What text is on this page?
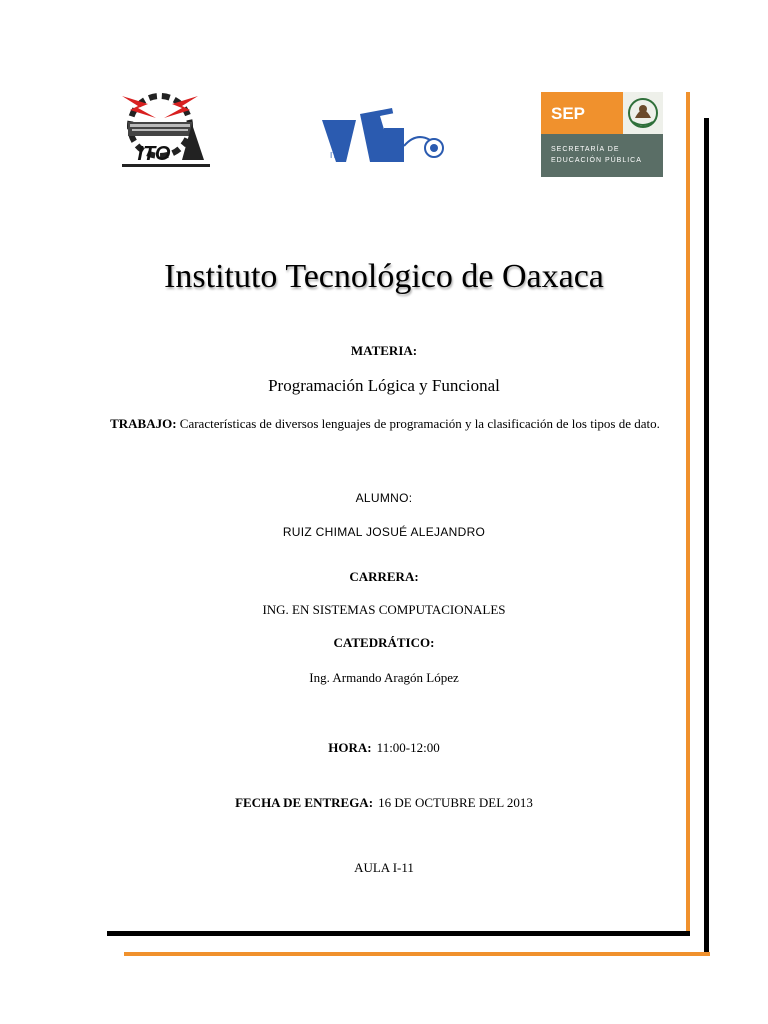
ITO	IT
SEP
SECRETARÍA DE
EDUCACIÓN PÚBLICA
Instituto Tecnológico de Oaxaca
MATERIA:
Programación Lógica y Funcional
TRABAJO: Características de diversos lenguajes de programación y la clasificación de los tipos de dato.
ALUMNO:
RUIZ CHIMAL JOSUÉ ALEJANDRO
CARRERA:
ING. EN SISTEMAS COMPUTACIONALES
CATEDRÁTICO:
Ing. Armando Aragón López
HORA: 11:00-12:00
FECHA DE ENTREGA: 16 DE OCTUBRE DEL 2013
AULA I-11
